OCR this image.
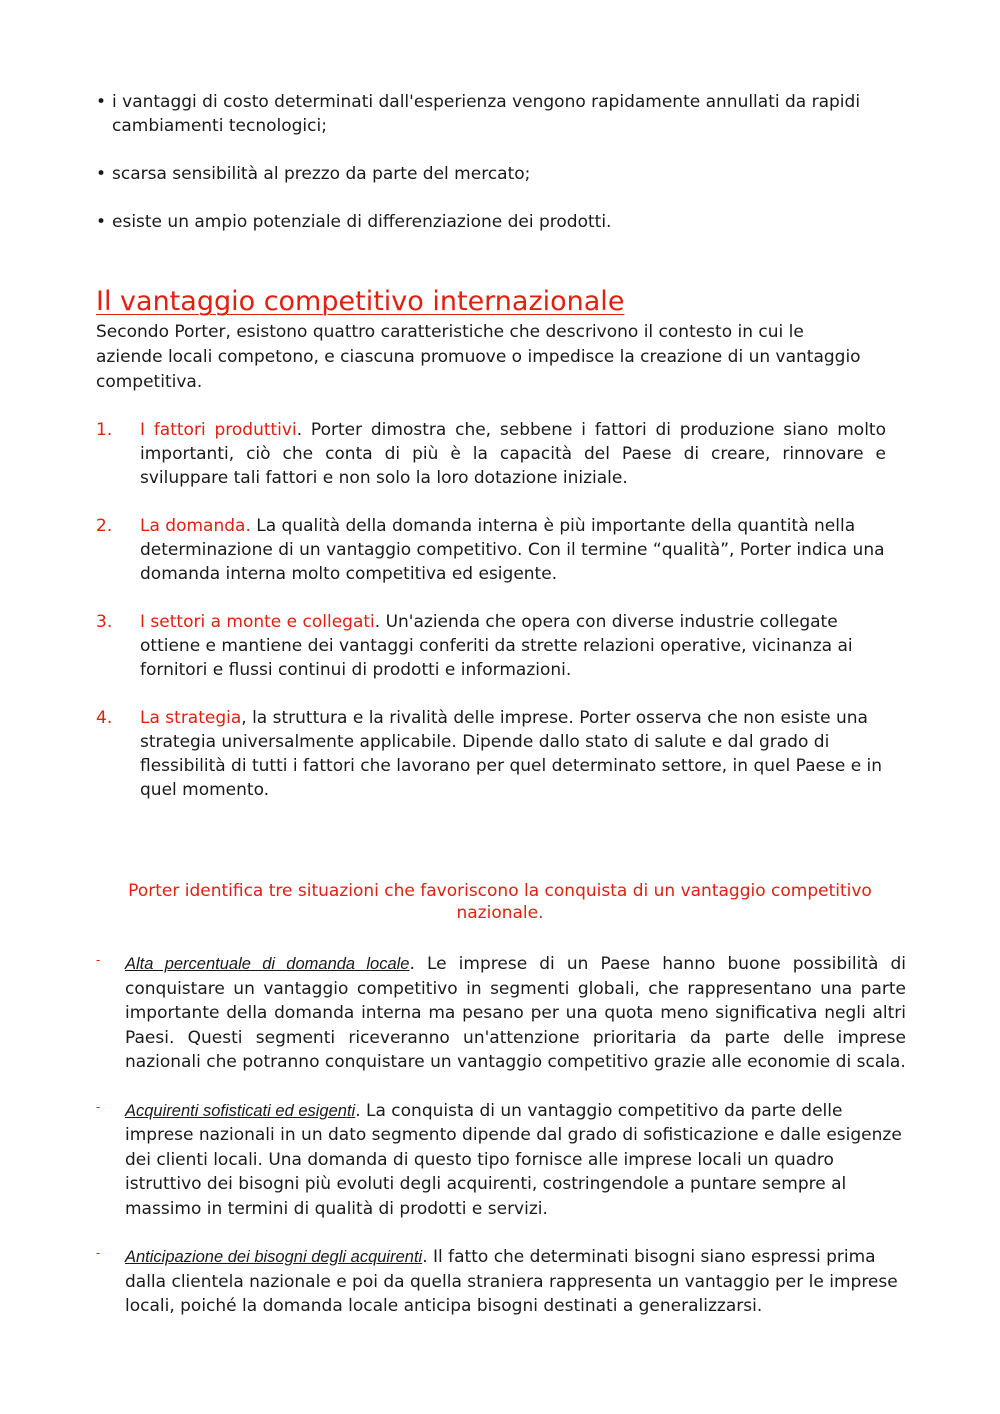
• i vantaggi di costo determinati dall'esperienza vengono rapidamente annullati da rapidi cambiamenti tecnologici;
• scarsa sensibilità al prezzo da parte del mercato;
• esiste un ampio potenziale di differenziazione dei prodotti.
Il vantaggio competitivo internazionale
Secondo Porter, esistono quattro caratteristiche che descrivono il contesto in cui le aziende locali competono, e ciascuna promuove o impedisce la creazione di un vantaggio competitiva.
1.	I fattori produttivi. Porter dimostra che, sebbene i fattori di produzione siano molto importanti, ciò che conta di più è la capacità del Paese di creare, rinnovare e sviluppare tali fattori e non solo la loro dotazione iniziale.
2.	La domanda. La qualità della domanda interna è più importante della quantità nella determinazione di un vantaggio competitivo. Con il termine “qualità”, Porter indica una domanda interna molto competitiva ed esigente.
3.	I settori a monte e collegati. Un'azienda che opera con diverse industrie collegate ottiene e mantiene dei vantaggi conferiti da strette relazioni operative, vicinanza ai fornitori e flussi continui di prodotti e informazioni.
4.	La strategia, la struttura e la rivalità delle imprese. Porter osserva che non esiste una strategia universalmente applicabile. Dipende dallo stato di salute e dal grado di flessibilità di tutti i fattori che lavorano per quel determinato settore, in quel Paese e in quel momento.
Porter identifica tre situazioni che favoriscono la conquista di un vantaggio competitivo nazionale.
- Alta percentuale di domanda locale. Le imprese di un Paese hanno buone possibilità di conquistare un vantaggio competitivo in segmenti globali, che rappresentano una parte importante della domanda interna ma pesano per una quota meno significativa negli altri Paesi. Questi segmenti riceveranno un'attenzione prioritaria da parte delle imprese nazionali che potranno conquistare un vantaggio competitivo grazie alle economie di scala.
- Acquirenti sofisticati ed esigenti. La conquista di un vantaggio competitivo da parte delle imprese nazionali in un dato segmento dipende dal grado di sofisticazione e dalle esigenze dei clienti locali. Una domanda di questo tipo fornisce alle imprese locali un quadro istruttivo dei bisogni più evoluti degli acquirenti, costringendole a puntare sempre al massimo in termini di qualità di prodotti e servizi.
- Anticipazione dei bisogni degli acquirenti. Il fatto che determinati bisogni siano espressi prima dalla clientela nazionale e poi da quella straniera rappresenta un vantaggio per le imprese locali, poiché la domanda locale anticipa bisogni destinati a generalizzarsi.
